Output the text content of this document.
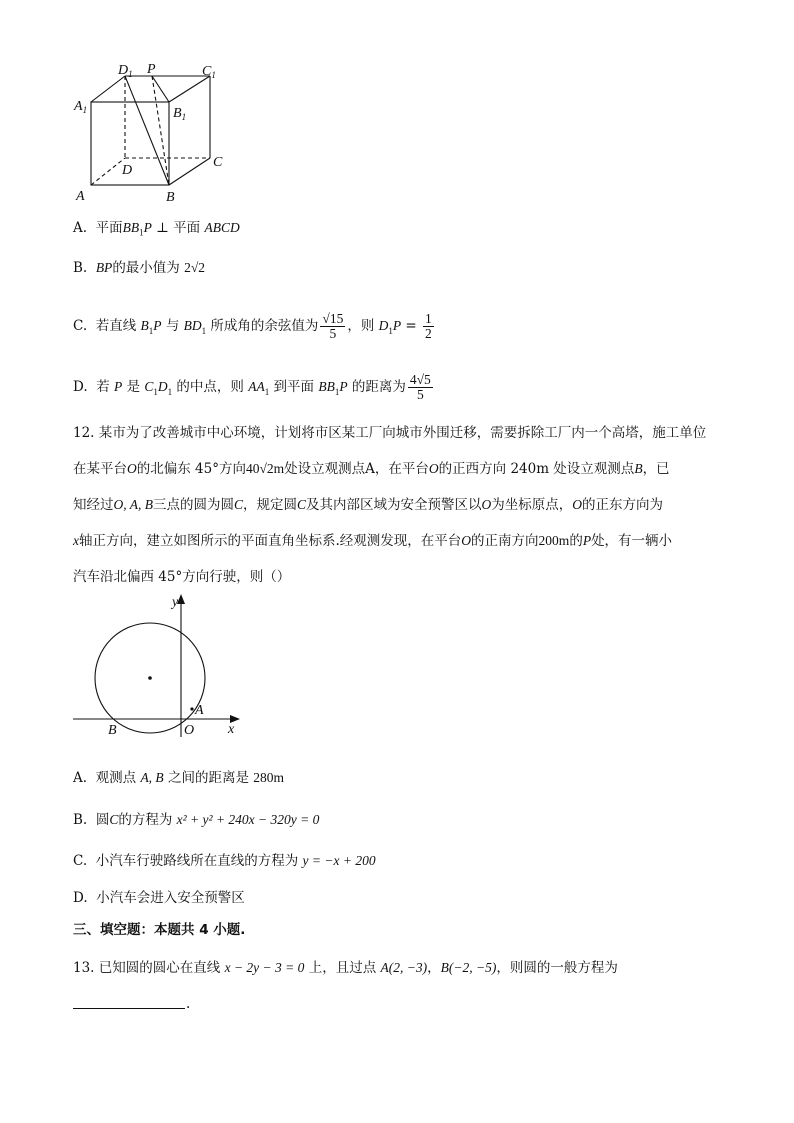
$D_1$ P	$C_1$
$A_1$	$B_1$
C
D
A	B
A. 平面$BB_1P$ ⊥ 平面 ABCD
B. BP的最小值为 2√2
C. 若直线 $B_1P$ 与 $BD_1$ 所成角的余弦值为 $\frac{√15}{5}$ ，则 $D_1P = \frac{1}{2}$
D. 若 P 是 $C_1D_1$ 的中点，则 $AA_1$ 到平面 $BB_1P$ 的距离为 $\frac{4√5}{5}$
12. 某市为了改善城市中心环境，计划将市区某工厂向城市外围迁移，需要拆除工厂内一个高塔，施工单位
在某平台O的北偏东 45°方向40√2m处设立观测点A，在平台O的正西方向 240m 处设立观测点B，已
知经过O, A, B三点的圆为圆C，规定圆C及其内部区域为安全预警区以O为坐标原点，O的正东方向为
x轴正方向，建立如图所示的平面直角坐标系.经观测发现，在平台O的正南方向200m的P处，有一辆小
汽车沿北偏西 45°方向行驶，则（）
y
x
B	O
A
A. 观测点 A, B 之间的距离是 280m
B. 圆C的方程为 x² + y² + 240x − 320y = 0
C. 小汽车行驶路线所在直线的方程为 y = −x + 200
D. 小汽车会进入安全预警区
三、填空题：本题共 4 小题.
13. 已知圆的圆心在直线 x − 2y − 3 = 0 上，且过点 A(2, −3)，B(−2, −5)，则圆的一般方程为
.
